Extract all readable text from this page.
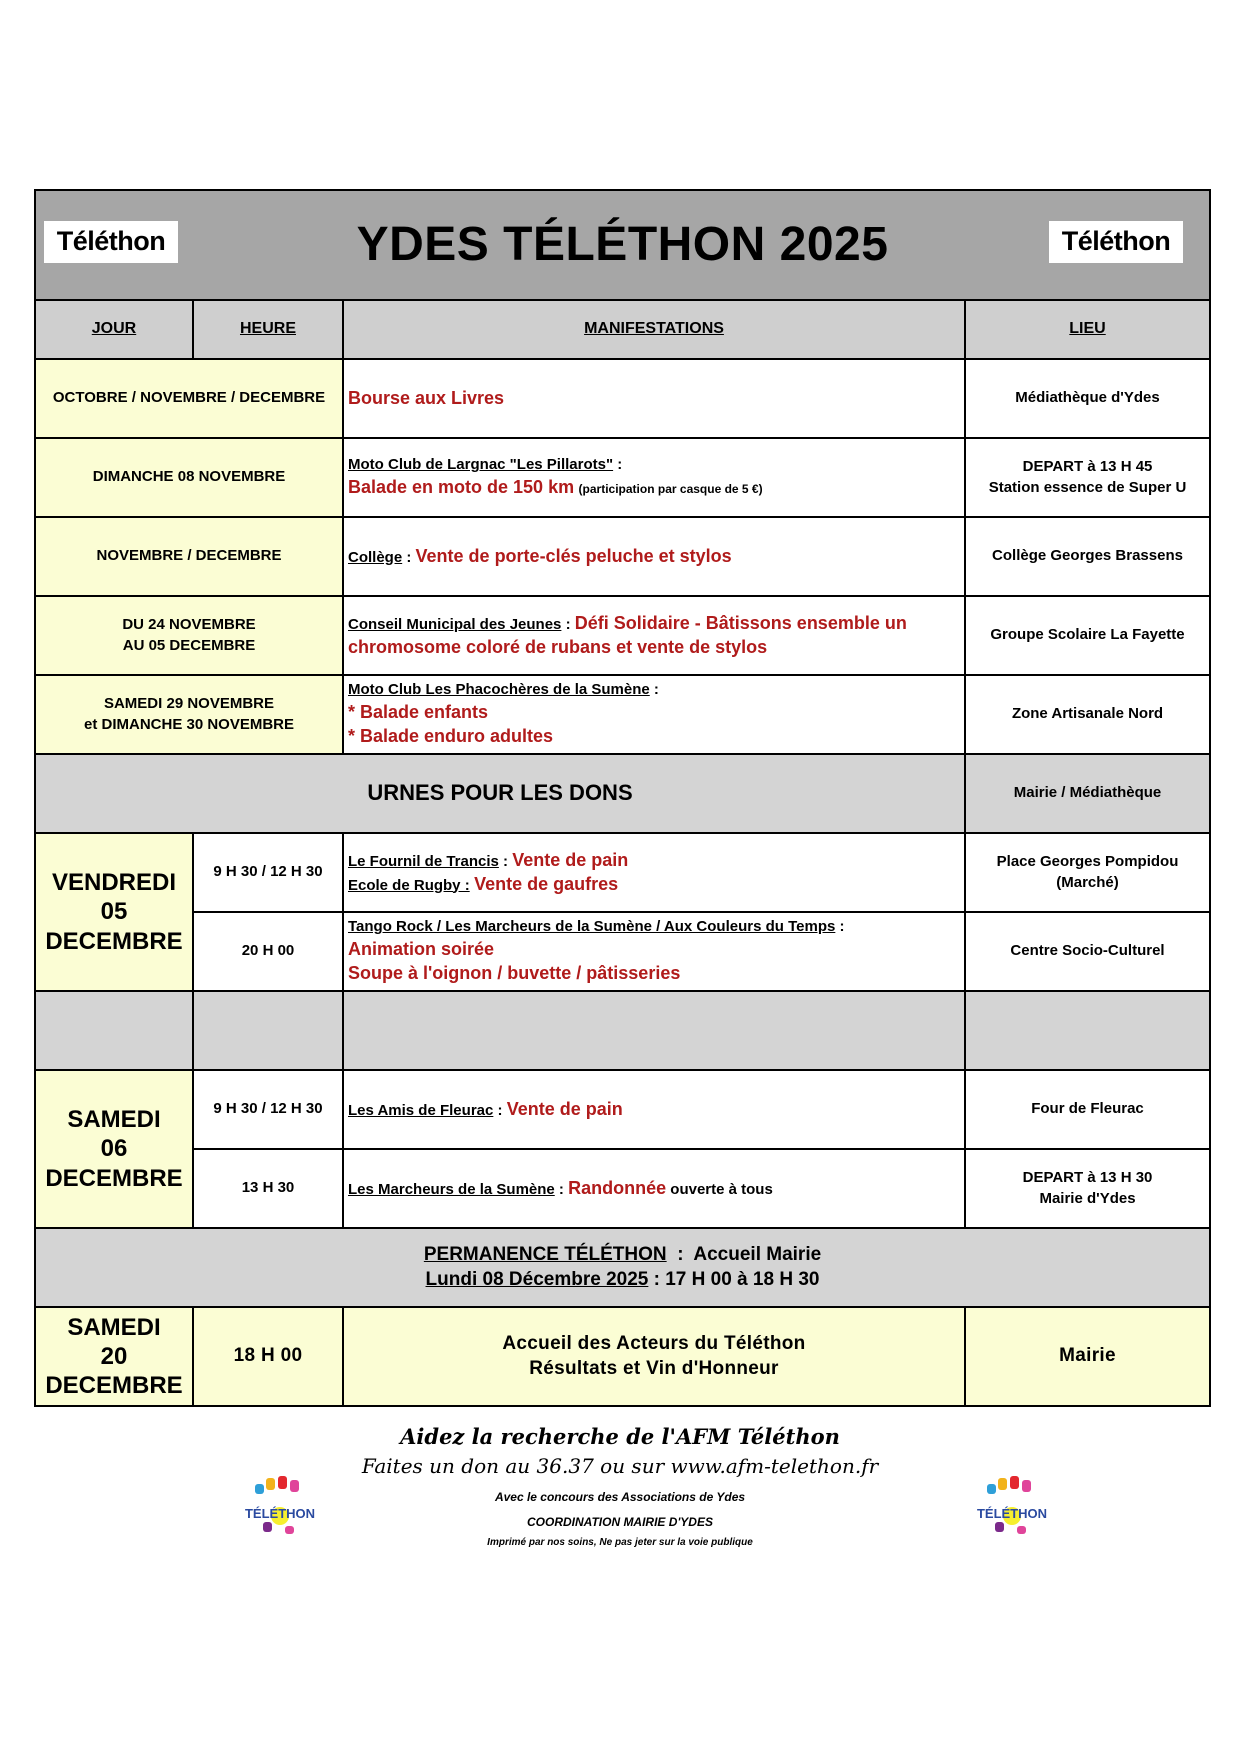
Téléthon YDES TÉLÉTHON 2025 Téléthon			

JOUR	HEURE	MANIFESTATIONS	LIEU
OCTOBRE / NOVEMBRE / DECEMBRE		Bourse aux Livres	Médiathèque d'Ydes
DIMANCHE 08 NOVEMBRE		Moto Club de Largnac "Les Pillarots" :
Balade en moto de 150 km (participation par casque de 5 €)	DEPART à 13 H 45
Station essence de Super U
NOVEMBRE / DECEMBRE		Collège : Vente de porte-clés peluche et stylos	Collège Georges Brassens
DU 24 NOVEMBRE
AU 05 DECEMBRE		Conseil Municipal des Jeunes : Défi Solidaire - Bâtissons ensemble un chromosome coloré de rubans et vente de stylos	Groupe Scolaire La Fayette
SAMEDI 29 NOVEMBRE
et DIMANCHE 30 NOVEMBRE		Moto Club Les Phacochères de la Sumène :
* Balade enfants
* Balade enduro adultes	Zone Artisanale Nord
URNES POUR LES DONS			Mairie / Médiathèque
VENDREDI
05
DECEMBRE	9 H 30 / 12 H 30	Le Fournil de Trancis : Vente de pain
Ecole de Rugby : Vente de gaufres	Place Georges Pompidou
(Marché)
	20 H 00	Tango Rock / Les Marcheurs de la Sumène / Aux Couleurs du Temps :
Animation soirée
Soupe à l'oignon / buvette / pâtisseries	Centre Socio-Culturel

SAMEDI
06
DECEMBRE	9 H 30 / 12 H 30	Les Amis de Fleurac : Vente de pain	Four de Fleurac
	13 H 30	Les Marcheurs de la Sumène : Randonnée ouverte à tous	DEPART à 13 H 30
Mairie d'Ydes
PERMANENCE TÉLÉTHON  :  Accueil Mairie
Lundi 08 Décembre 2025 : 17 H 00 à 18 H 30			
SAMEDI
20
DECEMBRE	18 H 00	Accueil des Acteurs du Téléthon
Résultats et Vin d'Honneur	Mairie
Aidez la recherche de l'AFM Téléthon
Faites un don au 36.37 ou sur www.afm-telethon.fr
Avec le concours des Associations de Ydes
COORDINATION MAIRIE D'YDES
Imprimé par nos soins, Ne pas jeter sur la voie publique
TÉLÉTHON	TÉLÉTHON
